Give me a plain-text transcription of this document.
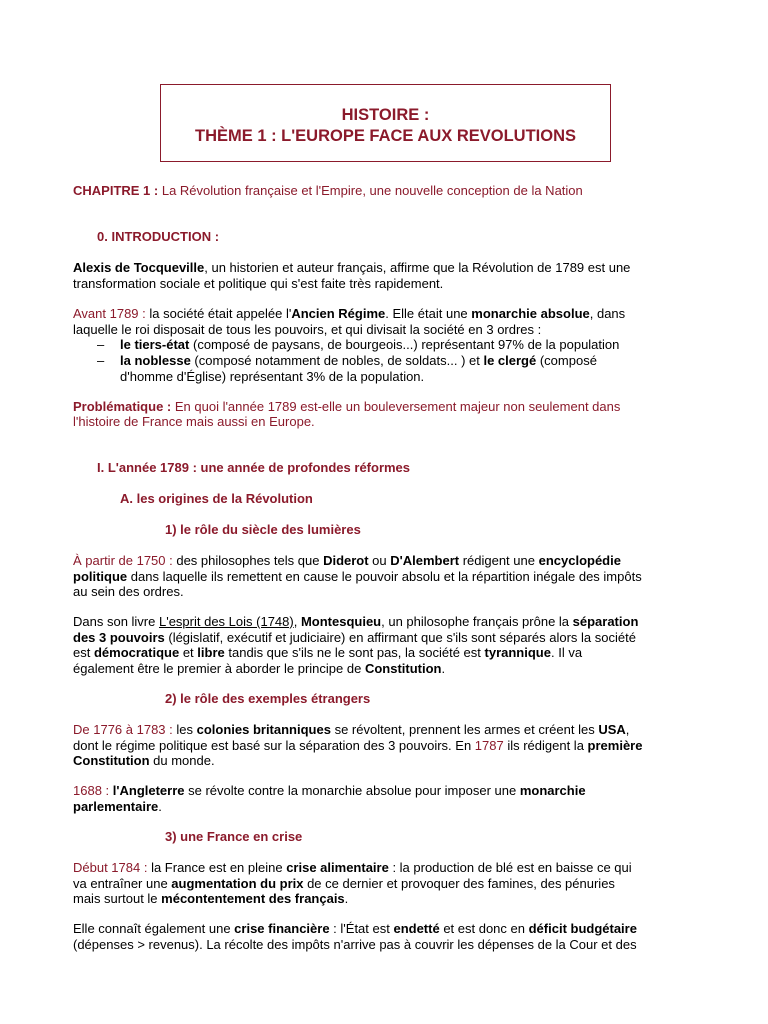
HISTOIRE :
THÈME 1 : L'EUROPE FACE AUX REVOLUTIONS
CHAPITRE 1 : La Révolution française et l'Empire, une nouvelle conception de la Nation
0. INTRODUCTION :
Alexis de Tocqueville, un historien et auteur français, affirme que la Révolution de 1789 est une
transformation sociale et politique qui s'est faite très rapidement.
Avant 1789 : la société était appelée l'Ancien Régime. Elle était une monarchie absolue, dans
laquelle le roi disposait de tous les pouvoirs, et qui divisait la société en 3 ordres :
– le tiers-état (composé de paysans, de bourgeois...) représentant 97% de la population
– la noblesse (composé notamment de nobles, de soldats... ) et le clergé (composé
d'homme d'Église) représentant 3% de la population.
Problématique : En quoi l'année 1789 est-elle un bouleversement majeur non seulement dans
l'histoire de France mais aussi en Europe.
I. L'année 1789 : une année de profondes réformes
A. les origines de la Révolution
1) le rôle du siècle des lumières
À partir de 1750 : des philosophes tels que Diderot ou D'Alembert rédigent une encyclopédie
politique dans laquelle ils remettent en cause le pouvoir absolu et la répartition inégale des impôts
au sein des ordres.
Dans son livre L'esprit des Lois (1748), Montesquieu, un philosophe français prône la séparation
des 3 pouvoirs (législatif, exécutif et judiciaire) en affirmant que s'ils sont séparés alors la société
est démocratique et libre tandis que s'ils ne le sont pas, la société est tyrannique. Il va
également être le premier à aborder le principe de Constitution.
2) le rôle des exemples étrangers
De 1776 à 1783 : les colonies britanniques se révoltent, prennent les armes et créent les USA,
dont le régime politique est basé sur la séparation des 3 pouvoirs. En 1787 ils rédigent la première
Constitution du monde.
1688 : l'Angleterre se révolte contre la monarchie absolue pour imposer une monarchie
parlementaire.
3) une France en crise
Début 1784 : la France est en pleine crise alimentaire : la production de blé est en baisse ce qui
va entraîner une augmentation du prix de ce dernier et provoquer des famines, des pénuries
mais surtout le mécontentement des français.
Elle connaît également une crise financière : l'État est endetté et est donc en déficit budgétaire
(dépenses > revenus). La récolte des impôts n'arrive pas à couvrir les dépenses de la Cour et des
